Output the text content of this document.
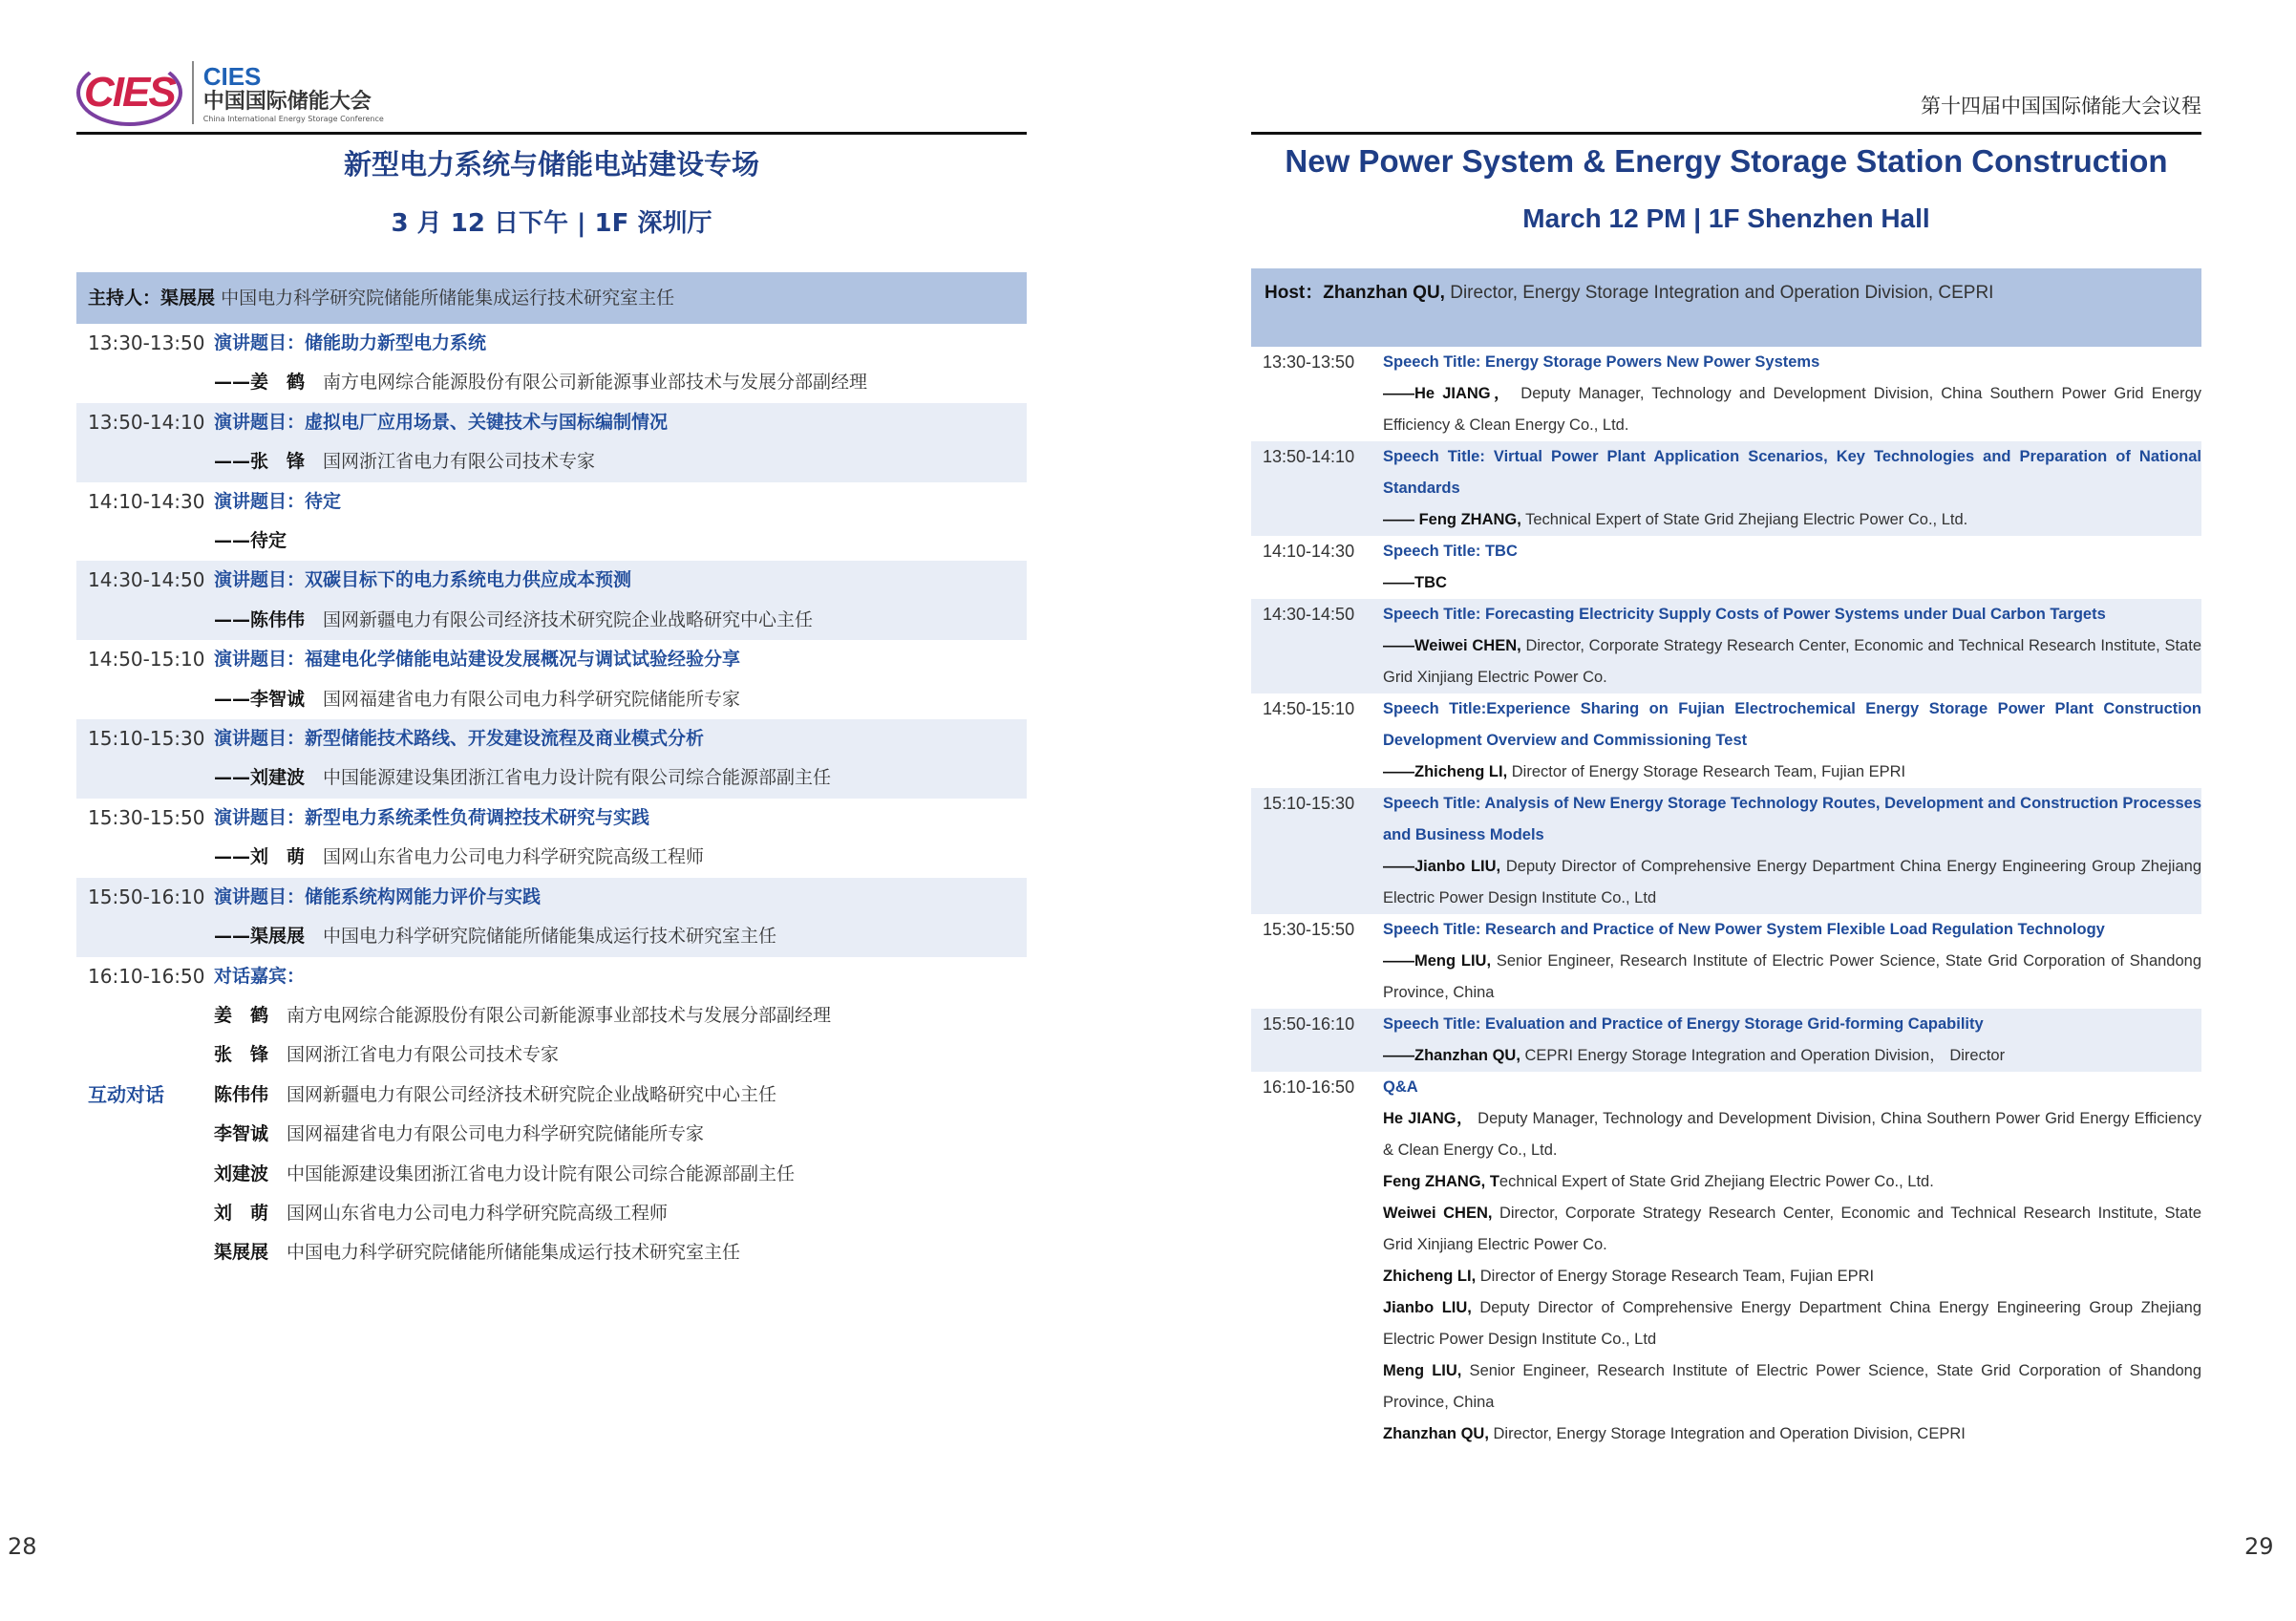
CIES	CIES
中国国际储能大会
China International Energy Storage Conference
新型电力系统与储能电站建设专场
3 月 12 日下午 | 1F 深圳厅
主持人：渠展展 中国电力科学研究院储能所储能集成运行技术研究室主任
13:30-13:50 演讲题目：储能助力新型电力系统
——姜　鹤　 南方电网综合能源股份有限公司新能源事业部技术与发展分部副经理
13:50-14:10 演讲题目：虚拟电厂应用场景、关键技术与国标编制情况
——张　锋　 国网浙江省电力有限公司技术专家
14:10-14:30 演讲题目：待定
——待定　
14:30-14:50 演讲题目：双碳目标下的电力系统电力供应成本预测
——陈伟伟　 国网新疆电力有限公司经济技术研究院企业战略研究中心主任
14:50-15:10 演讲题目：福建电化学储能电站建设发展概况与调试试验经验分享
——李智诚　 国网福建省电力有限公司电力科学研究院储能所专家
15:10-15:30 演讲题目：新型储能技术路线、开发建设流程及商业模式分析
——刘建波　 中国能源建设集团浙江省电力设计院有限公司综合能源部副主任
15:30-15:50 演讲题目：新型电力系统柔性负荷调控技术研究与实践
——刘　萌　 国网山东省电力公司电力科学研究院高级工程师
15:50-16:10 演讲题目：储能系统构网能力评价与实践
——渠展展　 中国电力科学研究院储能所储能集成运行技术研究室主任
16:10-16:50
互动对话
对话嘉宾：
姜　鹤　 南方电网综合能源股份有限公司新能源事业部技术与发展分部副经理
张　锋　 国网浙江省电力有限公司技术专家
陈伟伟　 国网新疆电力有限公司经济技术研究院企业战略研究中心主任
李智诚　 国网福建省电力有限公司电力科学研究院储能所专家
刘建波　 中国能源建设集团浙江省电力设计院有限公司综合能源部副主任
刘　萌　 国网山东省电力公司电力科学研究院高级工程师
渠展展　 中国电力科学研究院储能所储能集成运行技术研究室主任
28
第十四届中国国际储能大会议程
New Power System & Energy Storage Station Construction
March 12 PM | 1F Shenzhen Hall
Host：Zhanzhan QU, Director, Energy Storage Integration and Operation Division, CEPRI
13:30-13:50	Speech Title: Energy Storage Powers New Power Systems
——He JIANG， Deputy Manager, Technology and Development Division, China Southern Power Grid Energy Efficiency & Clean Energy Co., Ltd.
13:50-14:10	Speech Title: Virtual Power Plant Application Scenarios, Key Technologies and Preparation of National Standards
—— Feng ZHANG, Technical Expert of State Grid Zhejiang Electric Power Co., Ltd.
14:10-14:30	Speech Title: TBC
——TBC
14:30-14:50	Speech Title: Forecasting Electricity Supply Costs of Power Systems under Dual Carbon Targets
——Weiwei CHEN, Director, Corporate Strategy Research Center, Economic and Technical Research Institute, State Grid Xinjiang Electric Power Co.
14:50-15:10	Speech Title:Experience Sharing on Fujian Electrochemical Energy Storage Power Plant Construction Development Overview and Commissioning Test
——Zhicheng LI, Director of Energy Storage Research Team, Fujian EPRI
15:10-15:30	Speech Title: Analysis of New Energy Storage Technology Routes, Development and Construction Processes and Business Models
——Jianbo LIU, Deputy Director of Comprehensive Energy Department China Energy Engineering Group Zhejiang Electric Power Design Institute Co., Ltd
15:30-15:50	Speech Title: Research and Practice of New Power System Flexible Load Regulation Technology
——Meng LIU, Senior Engineer, Research Institute of Electric Power Science, State Grid Corporation of Shandong Province, China
15:50-16:10	Speech Title: Evaluation and Practice of Energy Storage Grid-forming Capability
——Zhanzhan QU, CEPRI Energy Storage Integration and Operation Division， Director
16:10-16:50	Q&A
He JIANG， Deputy Manager, Technology and Development Division, China Southern Power Grid Energy Efficiency & Clean Energy Co., Ltd.
Feng ZHANG, Technical Expert of State Grid Zhejiang Electric Power Co., Ltd.
Weiwei CHEN, Director, Corporate Strategy Research Center, Economic and Technical Research Institute, State Grid Xinjiang Electric Power Co.
Zhicheng LI, Director of Energy Storage Research Team, Fujian EPRI
Jianbo LIU, Deputy Director of Comprehensive Energy Department China Energy Engineering Group Zhejiang Electric Power Design Institute Co., Ltd
Meng LIU, Senior Engineer, Research Institute of Electric Power Science, State Grid Corporation of Shandong Province, China
Zhanzhan QU, Director, Energy Storage Integration and Operation Division, CEPRI
29
